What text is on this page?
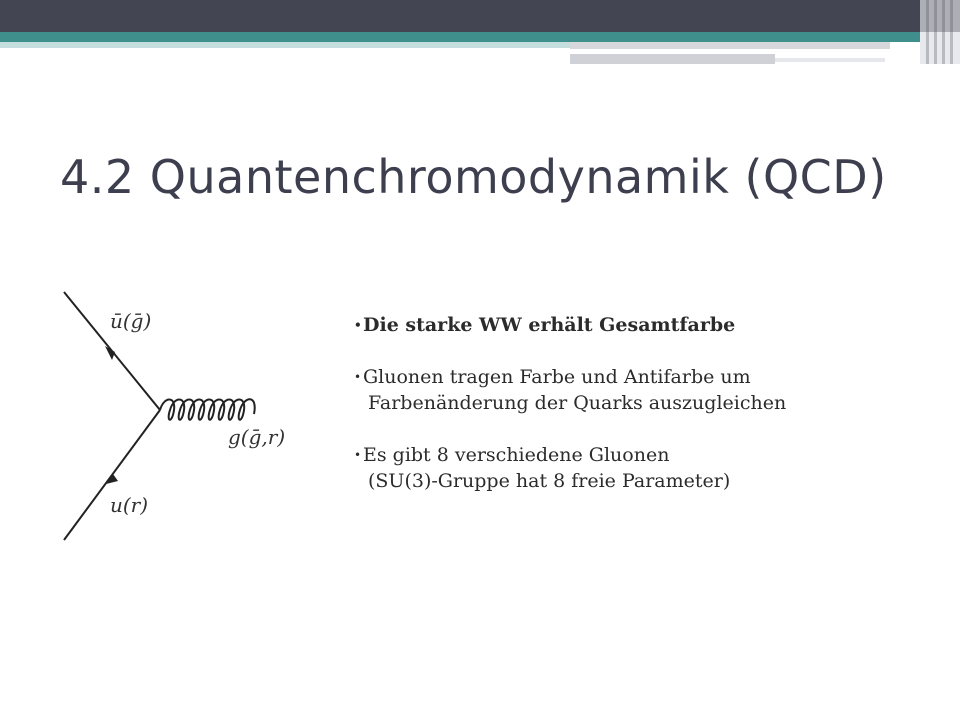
4.2 Quantenchromodynamik (QCD)
ū(ḡ)
g(ḡ,r)
u(r)
• Die starke WW erhält Gesamtfarbe
• Gluonen tragen Farbe und Antifarbe um
Farbenänderung der Quarks auszugleichen
• Es gibt 8 verschiedene Gluonen
(SU(3)-Gruppe hat 8 freie Parameter)
